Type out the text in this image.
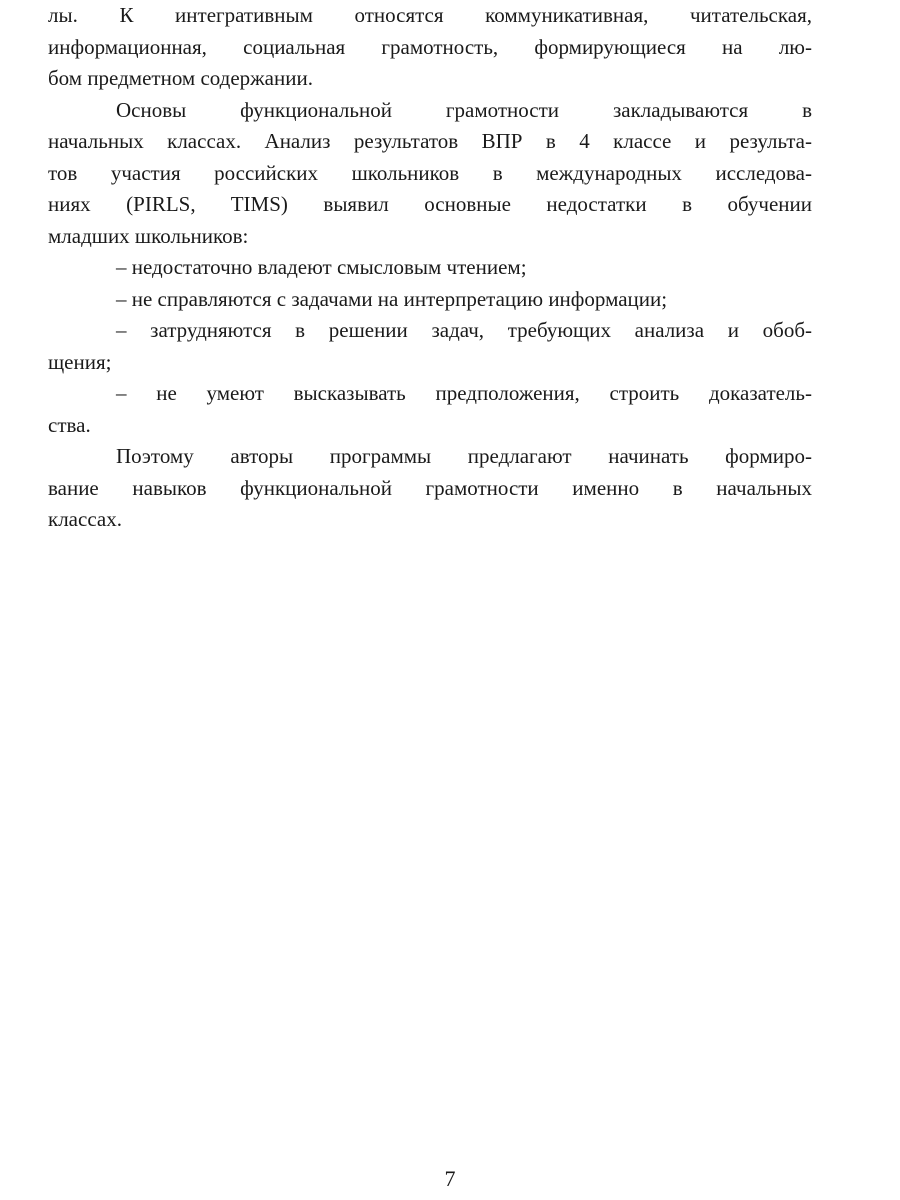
лы. К интегративным относятся коммуникативная, читательская,
информационная, социальная грамотность, формирующиеся на лю-
бом предметном содержании.
Основы функциональной грамотности закладываются в
начальных классах. Анализ результатов ВПР в 4 классе и результа-
тов участия российских школьников в международных исследова-
ниях (PIRLS, TIMS) выявил основные недостатки в обучении
младших школьников:
– недостаточно владеют смысловым чтением;
– не справляются с задачами на интерпретацию информации;
– затрудняются в решении задач, требующих анализа и обоб-
щения;
– не умеют высказывать предположения, строить доказатель-
ства.
Поэтому авторы программы предлагают начинать формиро-
вание навыков функциональной грамотности именно в начальных
классах.
7
